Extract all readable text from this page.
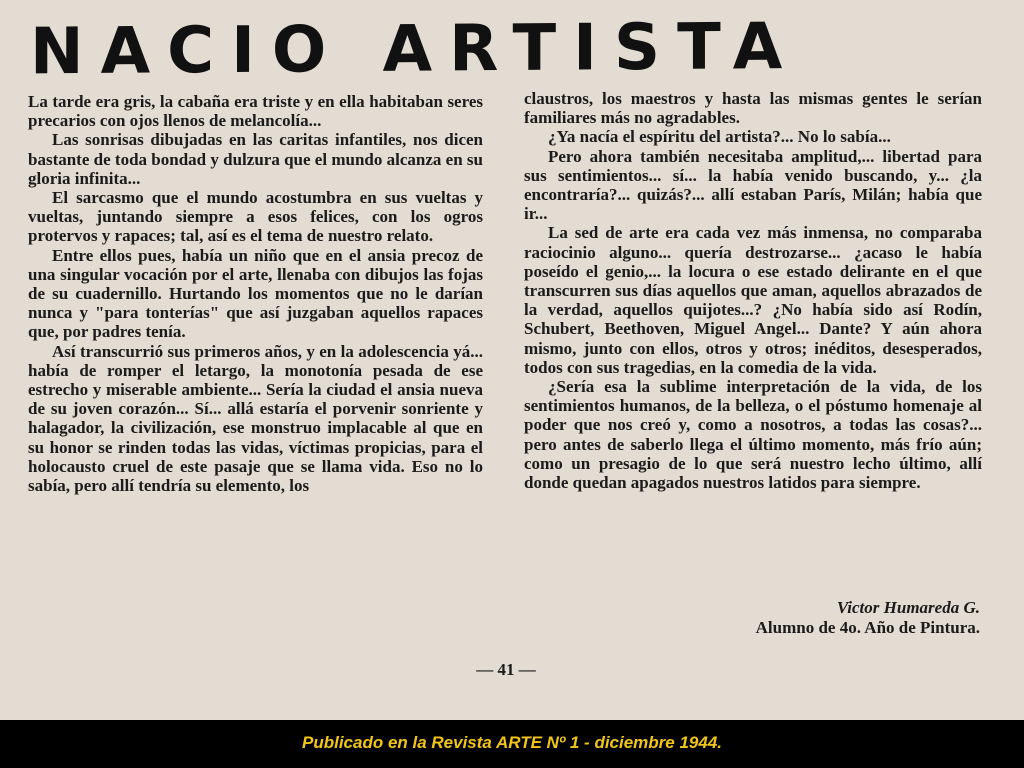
NACIO ARTISTA

La tarde era gris, la cabaña era triste y en ella habitaban seres precarios con ojos llenos de melancolía...

Las sonrisas dibujadas en las caritas infantiles, nos dicen bastante de toda bondad y dulzura que el mundo alcanza en su gloria infinita...

El sarcasmo que el mundo acostumbra en sus vueltas y vueltas, juntando siempre a esos felices, con los ogros protervos y rapaces; tal, así es el tema de nuestro relato.

Entre ellos pues, había un niño que en el ansia precoz de una singular vocación por el arte, llenaba con dibujos las fojas de su cuadernillo. Hurtando los momentos que no le darían nunca y "para tonterías" que así juzgaban aquellos rapaces que, por padres tenía.

Así transcurrió sus primeros años, y en la adolescencia yá... había de romper el letargo, la monotonía pesada de ese estrecho y miserable ambiente... Sería la ciudad el ansia nueva de su joven corazón... Sí... allá estaría el porvenir sonriente y halagador, la civilización, ese monstruo implacable al que en su honor se rinden todas las vidas, víctimas propicias, para el holocausto cruel de este pasaje que se llama vida. Eso no lo sabía, pero allí tendría su elemento, los

claustros, los maestros y hasta las mismas gentes le serían familiares más no agradables.

¿Ya nacía el espíritu del artista?... No lo sabía...

Pero ahora también necesitaba amplitud,... libertad para sus sentimientos... sí... la había venido buscando, y... ¿la encontraría?... quizás?... allí estaban París, Milán; había que ir...

La sed de arte era cada vez más inmensa, no comparaba raciocinio alguno... quería destrozarse... ¿acaso le había poseído el genio,... la locura o ese estado delirante en el que transcurren sus días aquellos que aman, aquellos abrazados de la verdad, aquellos quijotes...? ¿No había sido así Rodín, Schubert, Beethoven, Miguel Angel... Dante? Y aún ahora mismo, junto con ellos, otros y otros; inéditos, desesperados, todos con sus tragedias, en la comedia de la vida.

¿Sería esa la sublime interpretación de la vida, de los sentimientos humanos, de la belleza, o el póstumo homenaje al poder que nos creó y, como a nosotros, a todas las cosas?... pero antes de saberlo llega el último momento, más frío aún; como un presagio de lo que será nuestro lecho último, allí donde quedan apagados nuestros latidos para siempre.

Victor Humareda G.
Alumno de 4o. Año de Pintura.
— 41 —
Publicado en la Revista ARTE Nº 1 - diciembre 1944.
